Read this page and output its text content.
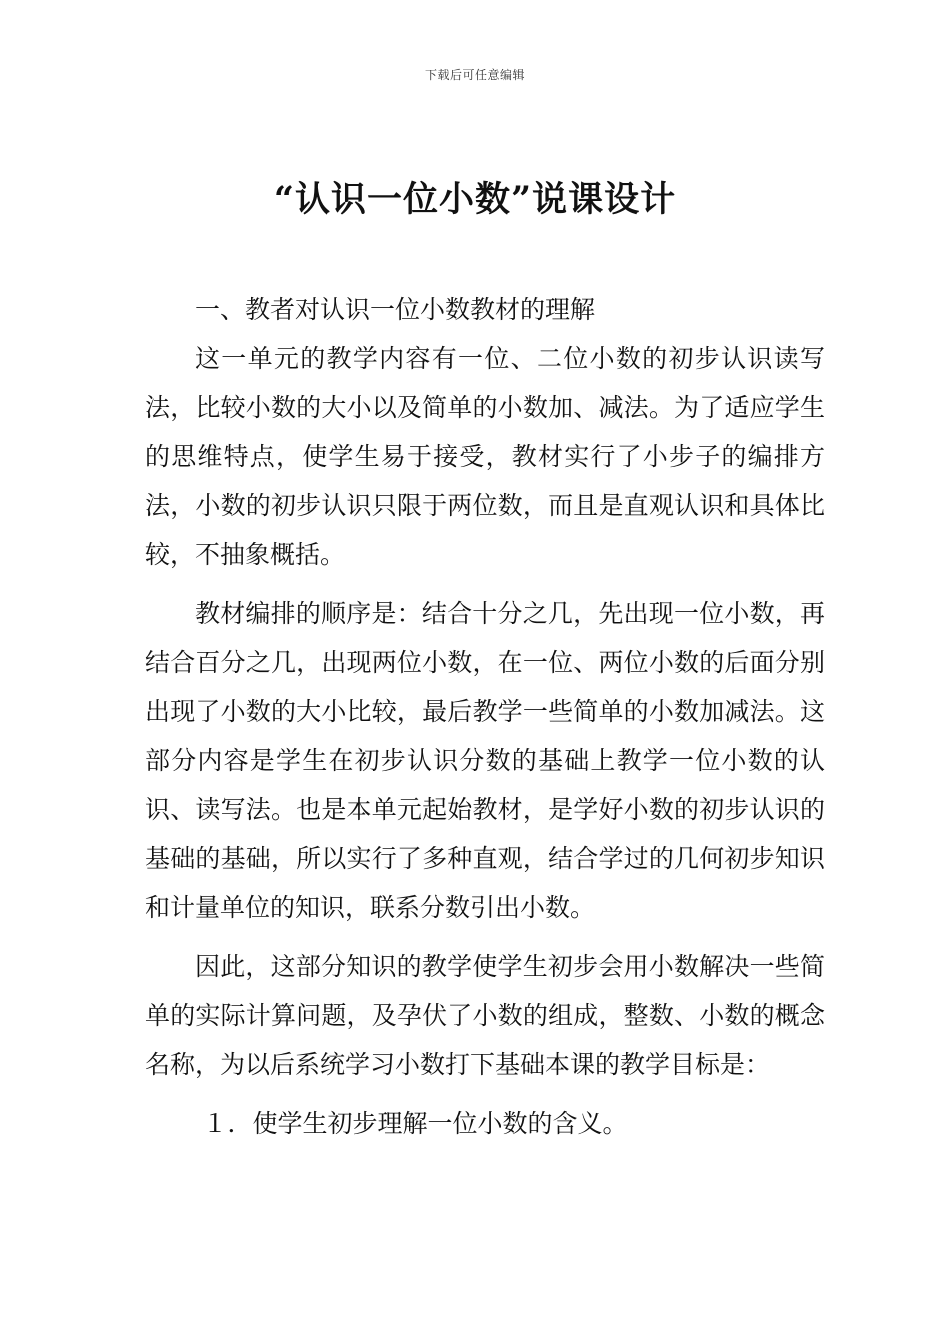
下载后可任意编辑
“认识一位小数”说课设计

一、教者对认识一位小数教材的理解

这一单元的教学内容有一位、二位小数的初步认识读写法，比较小数的大小以及简单的小数加、减法。为了适应学生的思维特点，使学生易于接受，教材实行了小步子的编排方法，小数的初步认识只限于两位数，而且是直观认识和具体比较，不抽象概括。

教材编排的顺序是：结合十分之几，先出现一位小数，再结合百分之几，出现两位小数，在一位、两位小数的后面分别出现了小数的大小比较，最后教学一些简单的小数加减法。这部分内容是学生在初步认识分数的基础上教学一位小数的认识、读写法。也是本单元起始教材，是学好小数的初步认识的基础的基础，所以实行了多种直观，结合学过的几何初步知识和计量单位的知识，联系分数引出小数。

因此，这部分知识的教学使学生初步会用小数解决一些简单的实际计算问题，及孕伏了小数的组成，整数、小数的概念名称，为以后系统学习小数打下基础本课的教学目标是：

１．使学生初步理解一位小数的含义。
